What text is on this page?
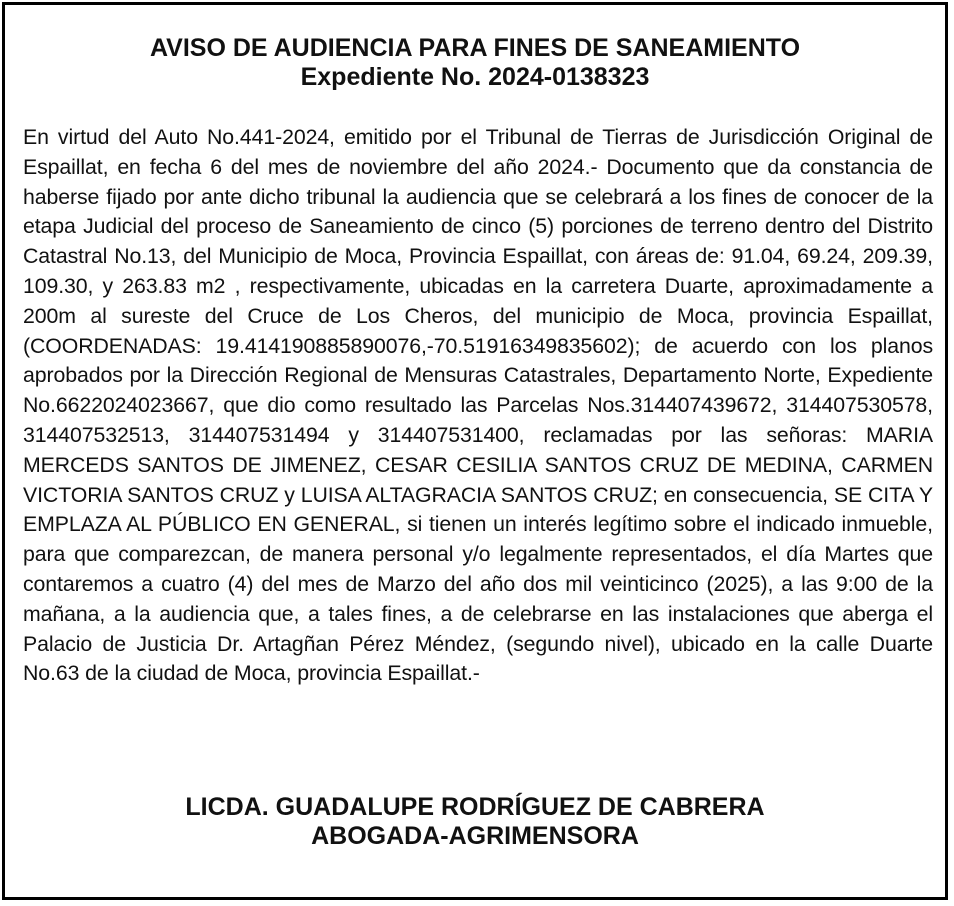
AVISO DE AUDIENCIA PARA FINES DE SANEAMIENTO
Expediente No. 2024-0138323

En virtud del Auto No.441-2024, emitido por el Tribunal de Tierras de Jurisdicción Original de Espaillat, en fecha 6 del mes de noviembre del año 2024.- Documento que da constancia de haberse fijado por ante dicho tribunal la audiencia que se celebrará a los fines de conocer de la etapa Judicial del proceso de Saneamiento de cinco (5) porciones de terreno dentro del Distrito Catastral No.13, del Municipio de Moca, Provincia Espaillat, con áreas de: 91.04, 69.24, 209.39, 109.30, y 263.83 m2 , respectivamente, ubicadas en la carretera Duarte, aproximadamente a 200m al sureste del Cruce de Los Cheros, del municipio de Moca, provincia Espaillat, (COORDENADAS: 19.414190885890076,-70.51916349835602); de acuerdo con los planos aprobados por la Dirección Regional de Mensuras Catastrales, Departamento Norte, Expediente No.6622024023667, que dio como resultado las Parcelas Nos.314407439672, 314407530578, 314407532513, 314407531494 y 314407531400, reclamadas por las señoras: MARIA MERCEDS SANTOS DE JIMENEZ, CESAR CESILIA SANTOS CRUZ DE MEDINA, CARMEN VICTORIA SANTOS CRUZ y LUISA ALTAGRACIA SANTOS CRUZ; en consecuencia, SE CITA Y EMPLAZA AL PÚBLICO EN GENERAL, si tienen un interés legítimo sobre el indicado inmueble, para que comparezcan, de manera personal y/o legalmente representados, el día Martes que contaremos a cuatro (4) del mes de Marzo del año dos mil veinticinco (2025), a las 9:00 de la mañana, a la audiencia que, a tales fines, a de celebrarse en las instalaciones que aberga el Palacio de Justicia Dr. Artagñan Pérez Méndez, (segundo nivel), ubicado en la calle Duarte No.63 de la ciudad de Moca, provincia Espaillat.-

LICDA. GUADALUPE RODRÍGUEZ DE CABRERA
ABOGADA-AGRIMENSORA
